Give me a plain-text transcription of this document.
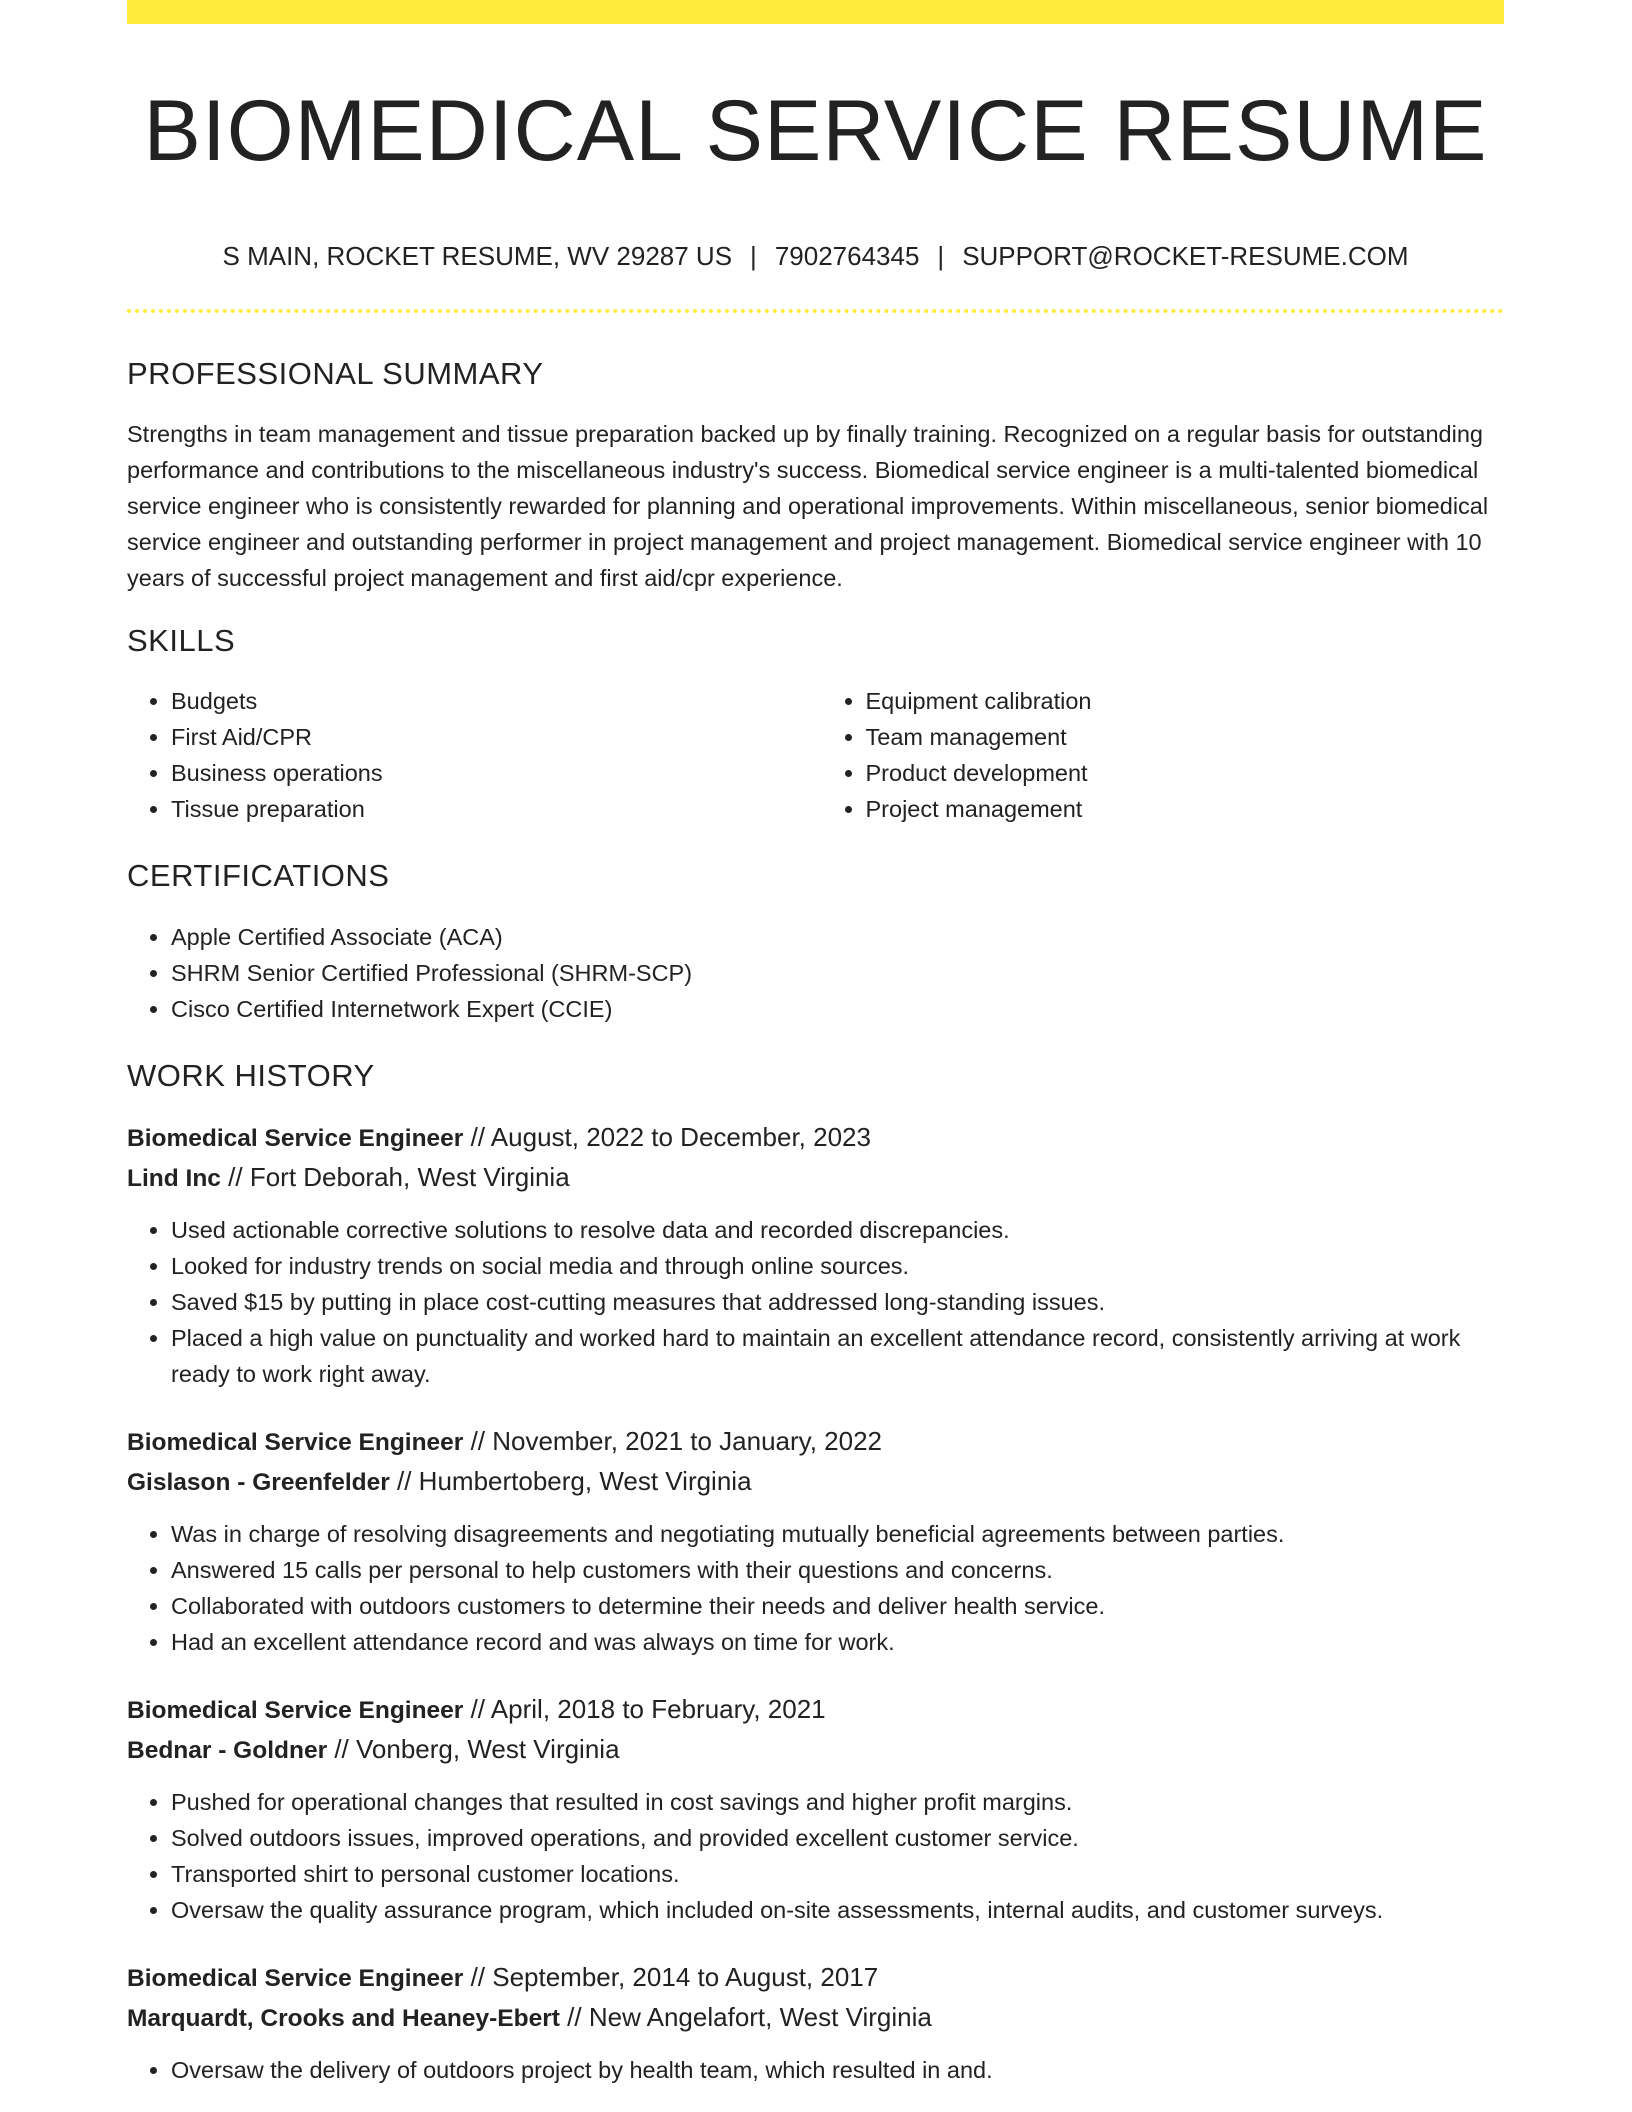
BIOMEDICAL SERVICE RESUME
S MAIN, ROCKET RESUME, WV 29287 US | 7902764345 | SUPPORT@ROCKET-RESUME.COM
PROFESSIONAL SUMMARY

Strengths in team management and tissue preparation backed up by finally training. Recognized on a regular basis for outstanding performance and contributions to the miscellaneous industry's success. Biomedical service engineer is a multi-talented biomedical service engineer who is consistently rewarded for planning and operational improvements. Within miscellaneous, senior biomedical service engineer and outstanding performer in project management and project management. Biomedical service engineer with 10 years of successful project management and first aid/cpr experience.

SKILLS
• Budgets
• First Aid/CPR
• Business operations
• Tissue preparation
• Equipment calibration
• Team management
• Product development
• Project management
CERTIFICATIONS
• Apple Certified Associate (ACA)
• SHRM Senior Certified Professional (SHRM-SCP)
• Cisco Certified Internetwork Expert (CCIE)
WORK HISTORY
Biomedical Service Engineer // August, 2022 to December, 2023
Lind Inc // Fort Deborah, West Virginia
• Used actionable corrective solutions to resolve data and recorded discrepancies.
• Looked for industry trends on social media and through online sources.
• Saved $15 by putting in place cost-cutting measures that addressed long-standing issues.
• Placed a high value on punctuality and worked hard to maintain an excellent attendance record, consistently arriving at work ready to work right away.
Biomedical Service Engineer // November, 2021 to January, 2022
Gislason - Greenfelder // Humbertoberg, West Virginia
• Was in charge of resolving disagreements and negotiating mutually beneficial agreements between parties.
• Answered 15 calls per personal to help customers with their questions and concerns.
• Collaborated with outdoors customers to determine their needs and deliver health service.
• Had an excellent attendance record and was always on time for work.
Biomedical Service Engineer // April, 2018 to February, 2021
Bednar - Goldner // Vonberg, West Virginia
• Pushed for operational changes that resulted in cost savings and higher profit margins.
• Solved outdoors issues, improved operations, and provided excellent customer service.
• Transported shirt to personal customer locations.
• Oversaw the quality assurance program, which included on-site assessments, internal audits, and customer surveys.
Biomedical Service Engineer // September, 2014 to August, 2017
Marquardt, Crooks and Heaney-Ebert // New Angelafort, West Virginia
• Oversaw the delivery of outdoors project by health team, which resulted in and.
